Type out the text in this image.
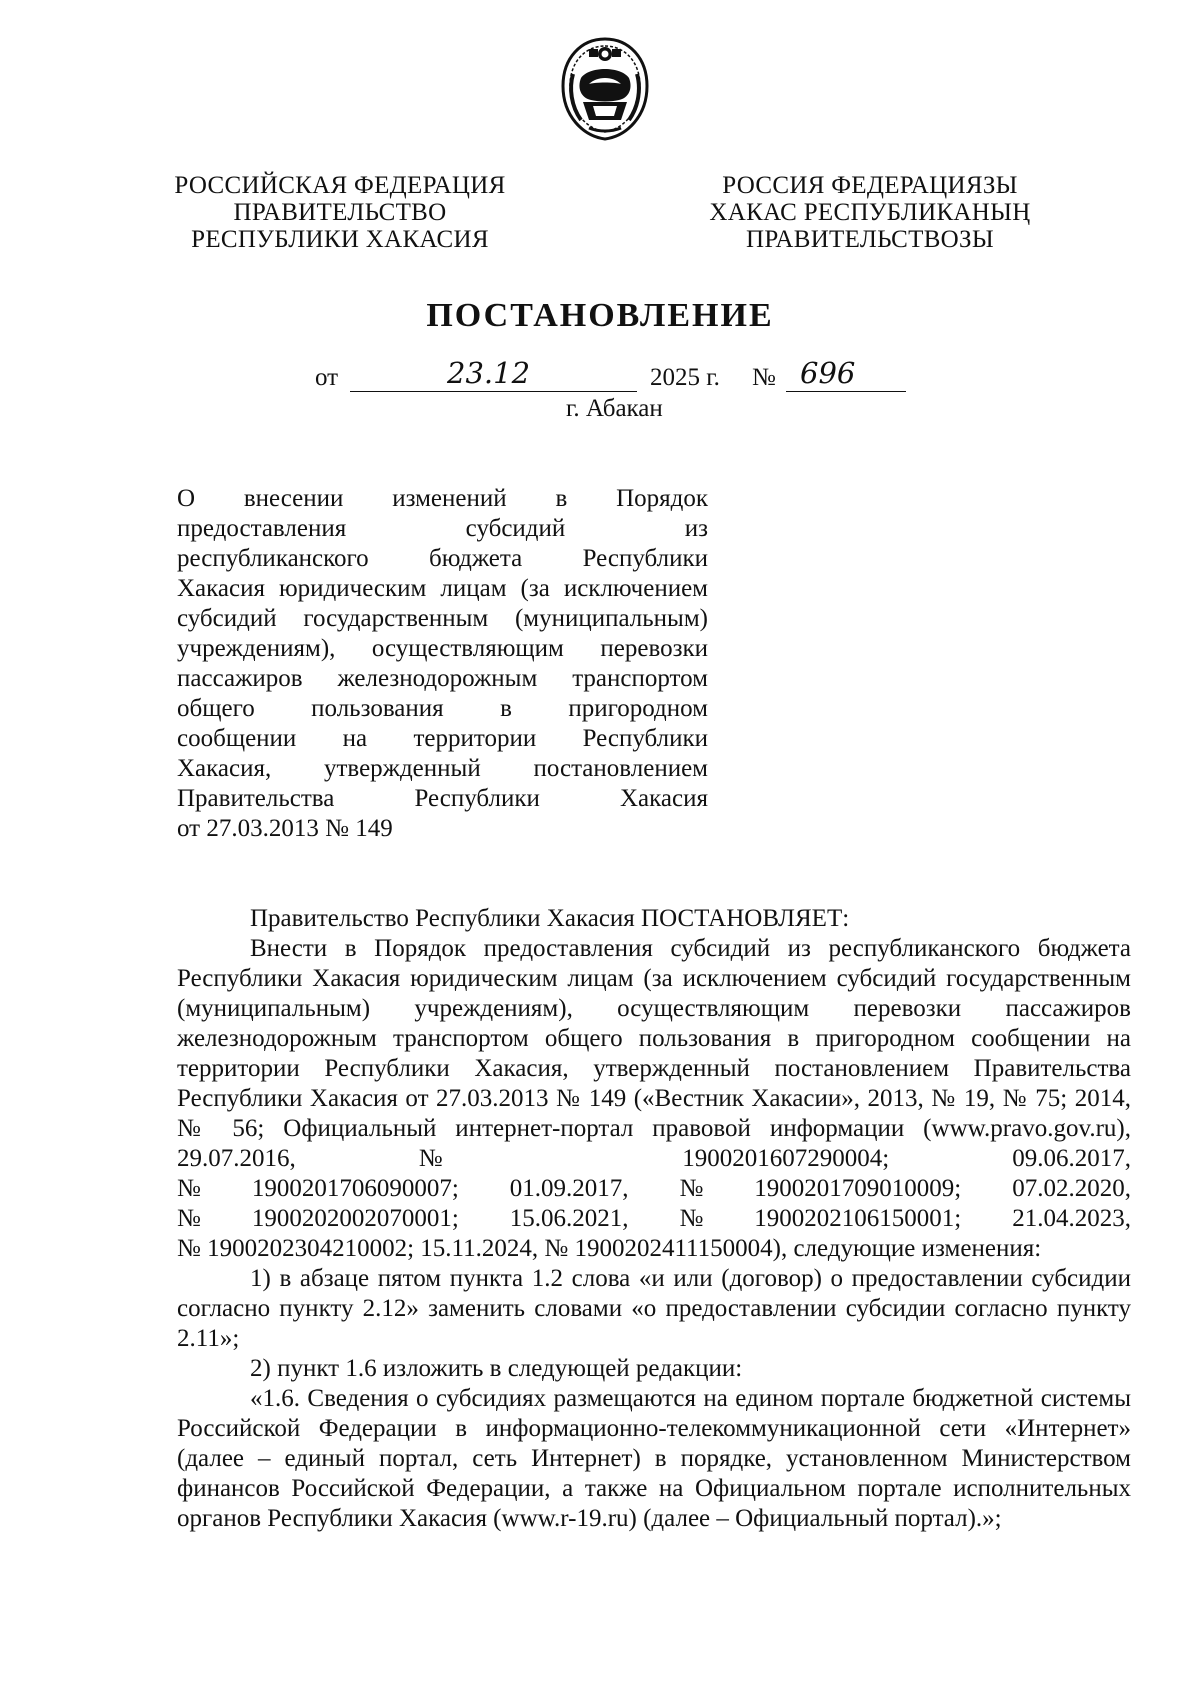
РОССИЙСКАЯ ФЕДЕРАЦИЯ
ПРАВИТЕЛЬСТВО
РЕСПУБЛИКИ ХАКАСИЯ
РОССИЯ ФЕДЕРАЦИЯЗЫ
ХАКАС РЕСПУБЛИКАНЫҢ
ПРАВИТЕЛЬСТВОЗЫ
ПОСТАНОВЛЕНИЕ
от	23.12	2025 г. № 696
г. Абакан
О внесении изменений в Порядок
предоставления субсидий из
республиканского бюджета Республики
Хакасия юридическим лицам (за исключением
субсидий государственным (муниципальным)
учреждениям), осуществляющим перевозки
пассажиров железнодорожным транспортом
общего пользования в пригородном
сообщении на территории Республики
Хакасия, утвержденный постановлением
Правительства Республики Хакасия
от 27.03.2013 № 149
Правительство Республики Хакасия ПОСТАНОВЛЯЕТ:
Внести в Порядок предоставления субсидий из республиканского бюджета Республики Хакасия юридическим лицам (за исключением субсидий государственным (муниципальным) учреждениям), осуществляющим перевозки пассажиров железнодорожным транспортом общего пользования в пригородном сообщении на территории Республики Хакасия, утвержденный постановлением Правительства Республики Хакасия от 27.03.2013 № 149 («Вестник Хакасии», 2013, № 19, № 75; 2014, № 56; Официальный интернет-портал правовой информации (www.pravo.gov.ru), 29.07.2016, № 1900201607290004; 09.06.2017,
№ 1900201706090007; 01.09.2017, № 1900201709010009; 07.02.2020,
№ 1900202002070001; 15.06.2021, № 1900202106150001; 21.04.2023,
№ 1900202304210002; 15.11.2024, № 1900202411150004), следующие изменения:
1) в абзаце пятом пункта 1.2 слова «и или (договор) о предоставлении субсидии согласно пункту 2.12» заменить словами «о предоставлении субсидии согласно пункту 2.11»;
2) пункт 1.6 изложить в следующей редакции:
«1.6. Сведения о субсидиях размещаются на едином портале бюджетной системы Российской Федерации в информационно-телекоммуникационной сети «Интернет» (далее – единый портал, сеть Интернет) в порядке, установленном Министерством финансов Российской Федерации, а также на Официальном портале исполнительных органов Республики Хакасия (www.r-19.ru) (далее – Официальный портал).»;
